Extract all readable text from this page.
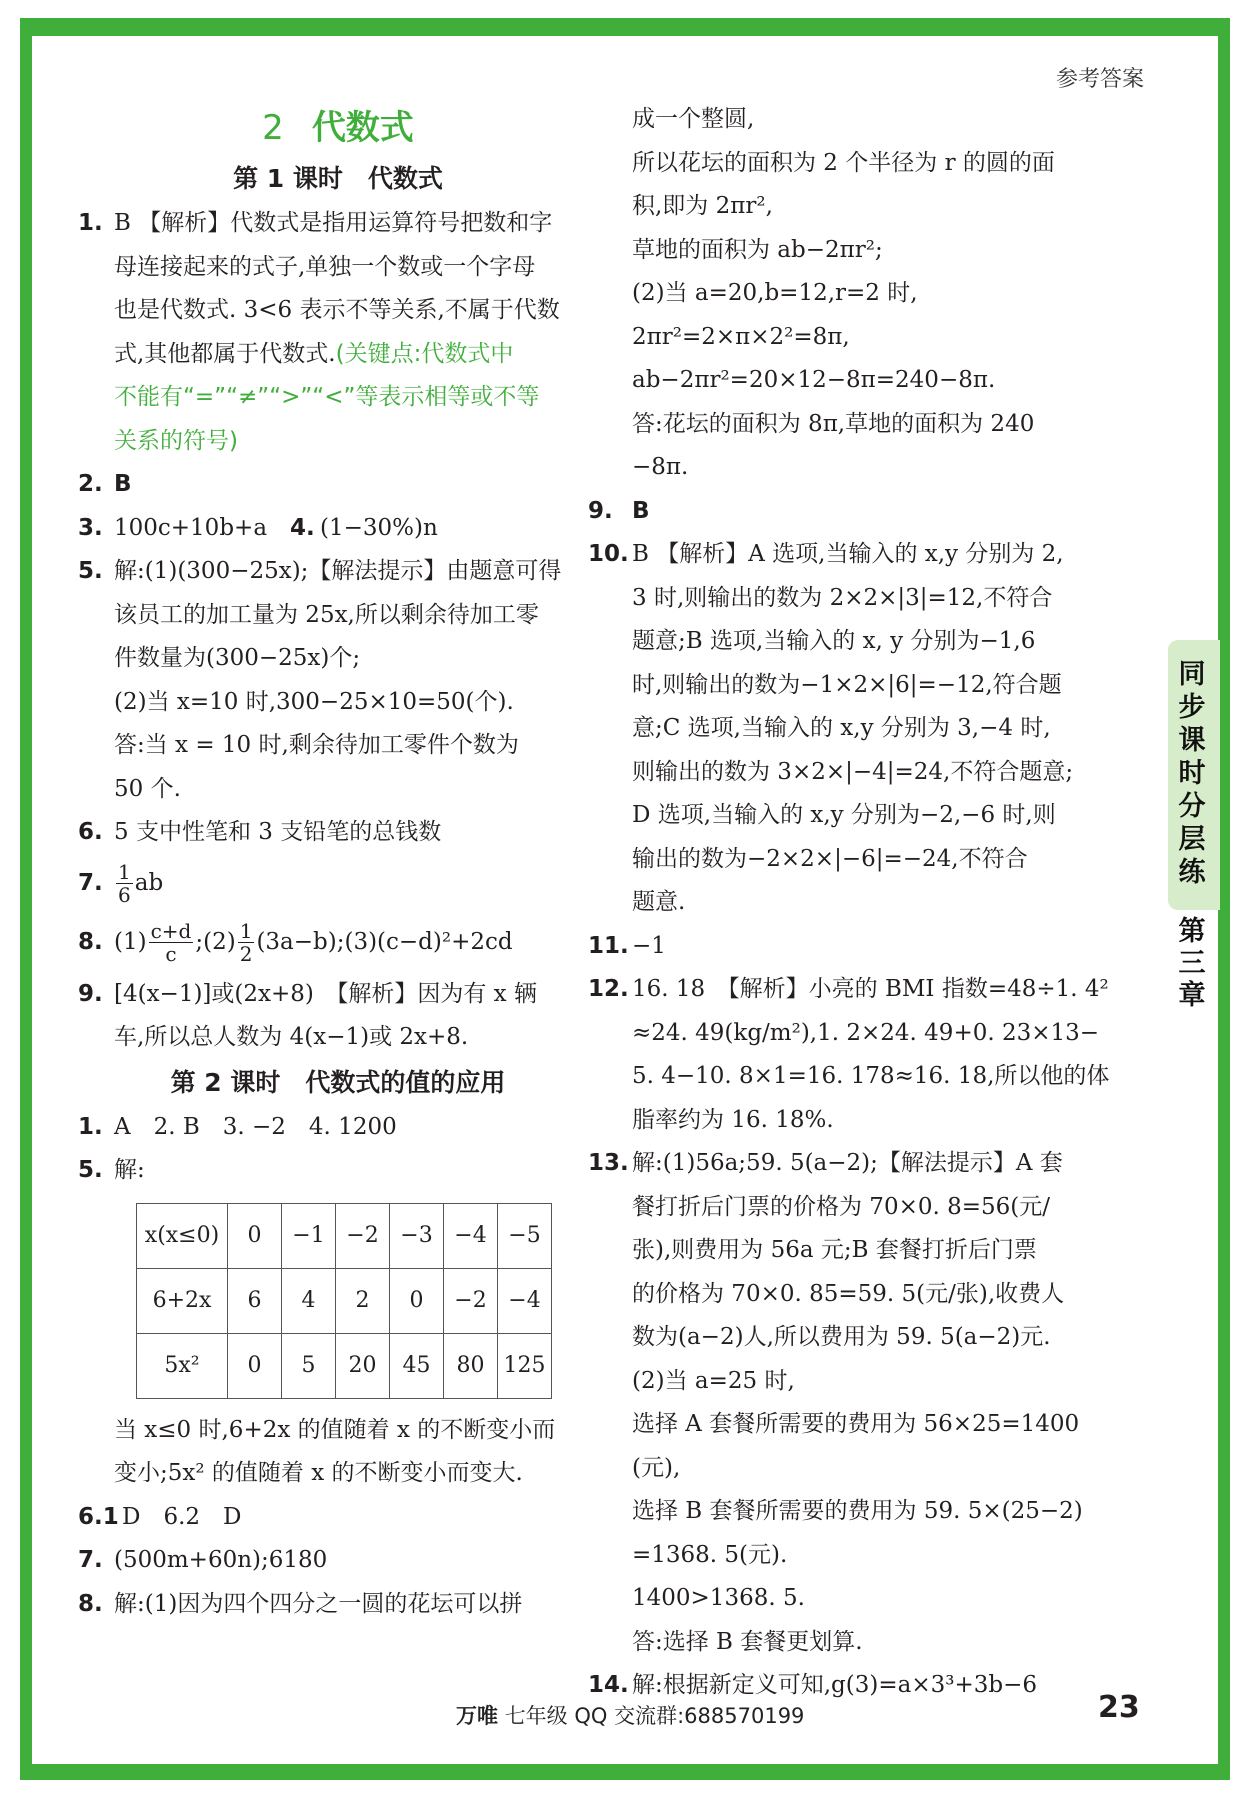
参考答案
2 代数式
第 1 课时　代数式
1. B 【解析】代数式是指用运算符号把数和字
母连接起来的式子,单独一个数或一个字母
也是代数式. 3<6 表示不等关系,不属于代数
式,其他都属于代数式.(关键点:代数式中
不能有“=”“≠”“>”“<”等表示相等或不等
关系的符号)
2. B
3. 100c+10b+a　 4. (1−30%)n
5. 解:(1)(300−25x);【解法提示】由题意可得
该员工的加工量为 25x,所以剩余待加工零
件数量为(300−25x)个;
(2)当 x=10 时,300−25×10=50(个).
答:当 x = 10 时,剩余待加工零件个数为
50 个.
6. 5 支中性笔和 3 支铅笔的总钱数
7. $\frac{1}{6}$ ab
8. $(1) \frac{c+d}{c}$ ;(2) $\frac{1}{2}$ (3a−b);(3)(c−d)²+2cd
9. [4(x−1)]或(2x+8)　【解析】因为有 x 辆
车,所以总人数为 4(x−1)或 2x+8.
第 2 课时　代数式的值的应用
1. A　2. B　3. −2　4. 1200
5. 解:
x(x≤0)	0	−1	−2	−3	−4	−5
6+2x	6	4	2	0	−2	−4
5x²	0	5	20	45	80	125
当 x≤0 时,6+2x 的值随着 x 的不断变小而
变小;5x² 的值随着 x 的不断变小而变大.
6.1 D　6.2　D
7. (500m+60n);6180
8. 解:(1)因为四个四分之一圆的花坛可以拼
成一个整圆,
所以花坛的面积为 2 个半径为 r 的圆的面
积,即为 2πr²,
草地的面积为 ab−2πr²;
(2)当 a=20,b=12,r=2 时,
2πr²=2×π×2²=8π,
ab−2πr²=20×12−8π=240−8π.
答:花坛的面积为 8π,草地的面积为 240
−8π.
9. B
10. B 【解析】A 选项,当输入的 x,y 分别为 2,
3 时,则输出的数为 2×2×|3|=12,不符合
题意;B 选项,当输入的 x, y 分别为−1,6
时,则输出的数为−1×2×|6|=−12,符合题
意;C 选项,当输入的 x,y 分别为 3,−4 时,
则输出的数为 3×2×|−4|=24,不符合题意;
D 选项,当输入的 x,y 分别为−2,−6 时,则
输出的数为−2×2×|−6|=−24,不符合
题意.
11. −1
12. 16. 18　【解析】小亮的 BMI 指数=48÷1. 4²
≈24. 49(kg/m²),1. 2×24. 49+0. 23×13−
5. 4−10. 8×1=16. 178≈16. 18,所以他的体
脂率约为 16. 18%.
13. 解:(1)56a;59. 5(a−2);【解法提示】A 套
餐打折后门票的价格为 70×0. 8=56(元/
张),则费用为 56a 元;B 套餐打折后门票
的价格为 70×0. 85=59. 5(元/张),收费人
数为(a−2)人,所以费用为 59. 5(a−2)元.
(2)当 a=25 时,
选择 A 套餐所需要的费用为 56×25=1400
(元),
选择 B 套餐所需要的费用为 59. 5×(25−2)
=1368. 5(元).
1400>1368. 5.
答:选择 B 套餐更划算.
14. 解:根据新定义可知,g(3)=a×3³+3b−6
同
步
课
时
分
层
练
第
三
章
万唯 七年级 QQ 交流群:688570199	23
